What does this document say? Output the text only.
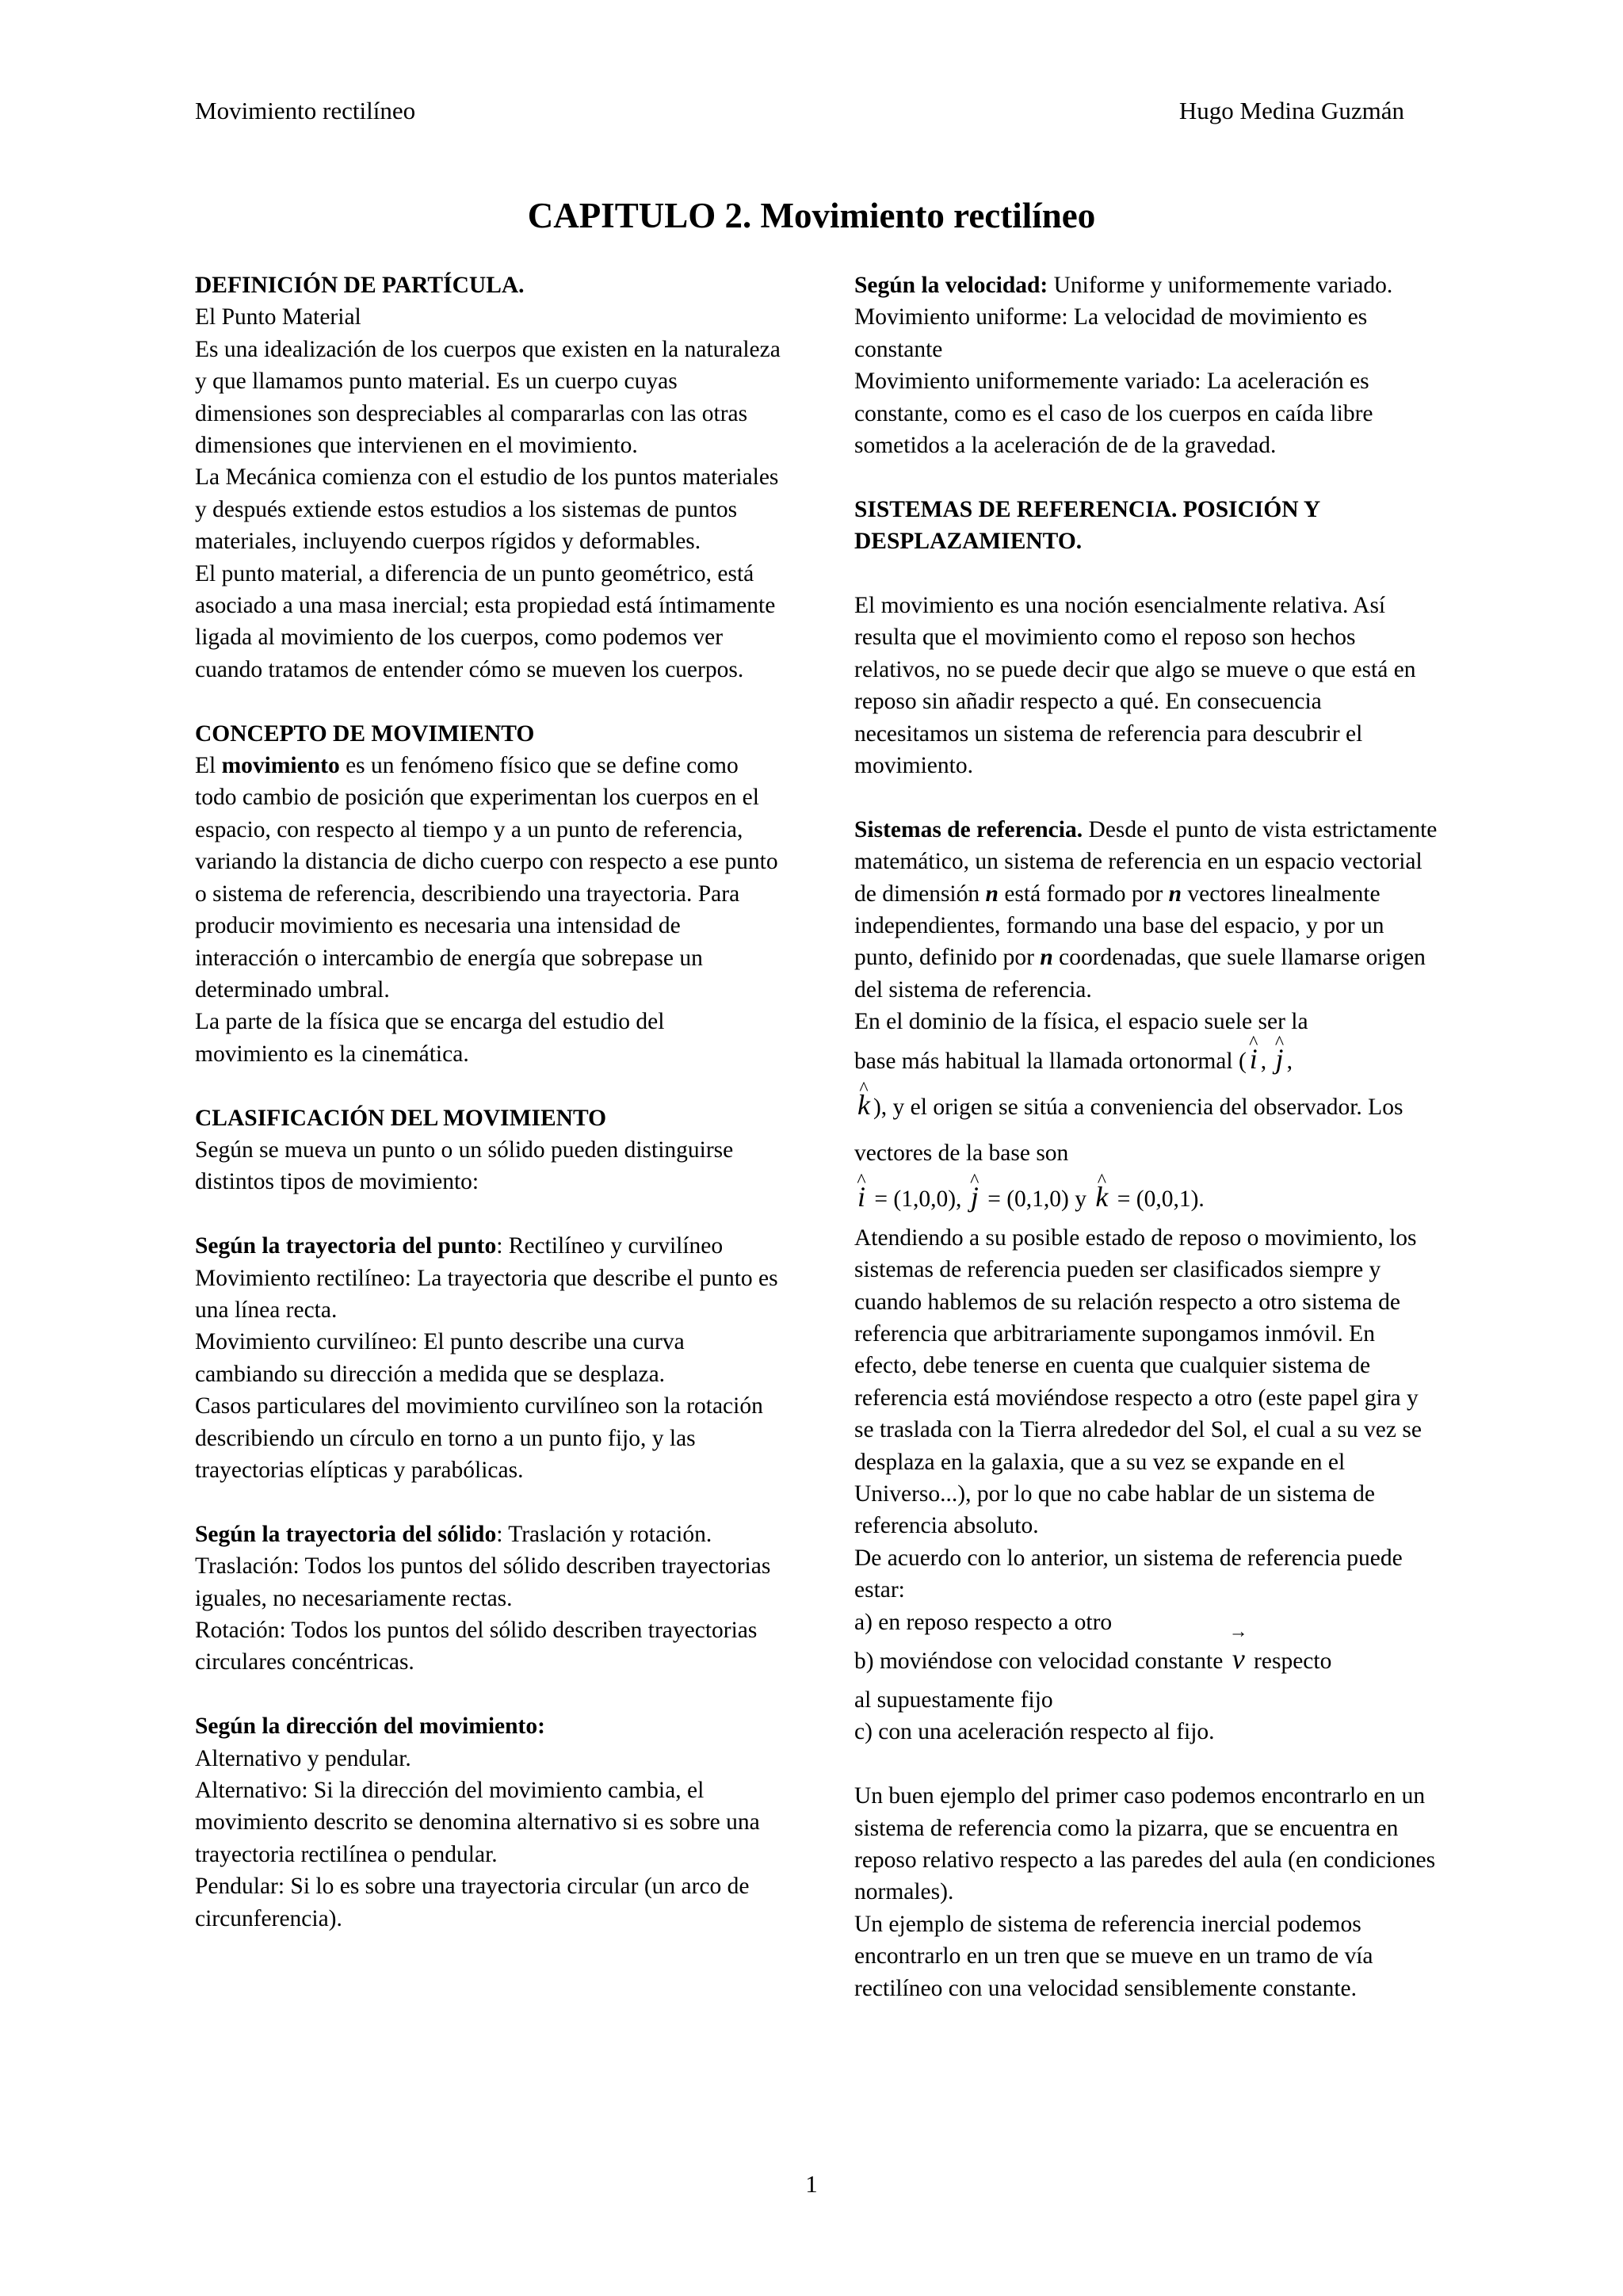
Movimiento rectilíneo	Hugo Medina Guzmán
CAPITULO 2. Movimiento rectilíneo
DEFINICIÓN DE PARTÍCULA.

El Punto Material

Es una idealización de los cuerpos que existen en la naturaleza y que llamamos punto material. Es un cuerpo cuyas dimensiones son despreciables al compararlas con las otras dimensiones que intervienen en el movimiento.

La Mecánica comienza con el estudio de los puntos materiales y después extiende estos estudios a los sistemas de puntos materiales, incluyendo cuerpos rígidos y deformables.

El punto material, a diferencia de un punto geométrico, está asociado a una masa inercial; esta propiedad está íntimamente ligada al movimiento de los cuerpos, como podemos ver cuando tratamos de entender cómo se mueven los cuerpos.

CONCEPTO DE MOVIMIENTO

El movimiento es un fenómeno físico que se define como todo cambio de posición que experimentan los cuerpos en el espacio, con respecto al tiempo y a un punto de referencia, variando la distancia de dicho cuerpo con respecto a ese punto o sistema de referencia, describiendo una trayectoria. Para producir movimiento es necesaria una intensidad de interacción o intercambio de energía que sobrepase un determinado umbral.

La parte de la física que se encarga del estudio del movimiento es la cinemática.

CLASIFICACIÓN DEL MOVIMIENTO

Según se mueva un punto o un sólido pueden distinguirse distintos tipos de movimiento:

Según la trayectoria del punto: Rectilíneo y curvilíneo

Movimiento rectilíneo: La trayectoria que describe el punto es una línea recta.

Movimiento curvilíneo: El punto describe una curva cambiando su dirección a medida que se desplaza.

Casos particulares del movimiento curvilíneo son la rotación describiendo un círculo en torno a un punto fijo, y las trayectorias elípticas y parabólicas.

Según la trayectoria del sólido: Traslación y rotación.

Traslación: Todos los puntos del sólido describen trayectorias iguales, no necesariamente rectas.

Rotación: Todos los puntos del sólido describen trayectorias circulares concéntricas.

Según la dirección del movimiento:

Alternativo y pendular.

Alternativo: Si la dirección del movimiento cambia, el movimiento descrito se denomina alternativo si es sobre una trayectoria rectilínea o pendular.

Pendular: Si lo es sobre una trayectoria circular (un arco de circunferencia).

Según la velocidad: Uniforme y uniformemente variado.

Movimiento uniforme: La velocidad de movimiento es constante

Movimiento uniformemente variado: La aceleración es constante, como es el caso de los cuerpos en caída libre sometidos a la aceleración de de la gravedad.

SISTEMAS DE REFERENCIA. POSICIÓN Y DESPLAZAMIENTO.

El movimiento es una noción esencialmente relativa. Así resulta que el movimiento como el reposo son hechos relativos, no se puede decir que algo se mueve o que está en reposo sin añadir respecto a qué. En consecuencia necesitamos un sistema de referencia para descubrir el movimiento.

Sistemas de referencia. Desde el punto de vista estrictamente matemático, un sistema de referencia en un espacio vectorial de dimensión n está formado por n vectores linealmente independientes, formando una base del espacio, y por un punto, definido por n coordenadas, que suele llamarse origen del sistema de referencia.

En el dominio de la física, el espacio suele ser la

base más habitual la llamada ortonormal (^ i , ^ j ,

^ k ), y el origen se sitúa a conveniencia del observador. Los vectores de la base son

^ i = (1,0,0), ^ j = (0,1,0) y ^ k = (0,0,1).

Atendiendo a su posible estado de reposo o movimiento, los sistemas de referencia pueden ser clasificados siempre y cuando hablemos de su relación respecto a otro sistema de referencia que arbitrariamente supongamos inmóvil. En efecto, debe tenerse en cuenta que cualquier sistema de referencia está moviéndose respecto a otro (este papel gira y se traslada con la Tierra alrededor del Sol, el cual a su vez se desplaza en la galaxia, que a su vez se expande en el Universo...), por lo que no cabe hablar de un sistema de referencia absoluto.

De acuerdo con lo anterior, un sistema de referencia puede estar:

a) en reposo respecto a otro

b) moviéndose con velocidad constante → v respecto

al supuestamente fijo

c) con una aceleración respecto al fijo.

Un buen ejemplo del primer caso podemos encontrarlo en un sistema de referencia como la pizarra, que se encuentra en reposo relativo respecto a las paredes del aula (en condiciones normales).

Un ejemplo de sistema de referencia inercial podemos encontrarlo en un tren que se mueve en un tramo de vía rectilíneo con una velocidad sensiblemente constante.

1
